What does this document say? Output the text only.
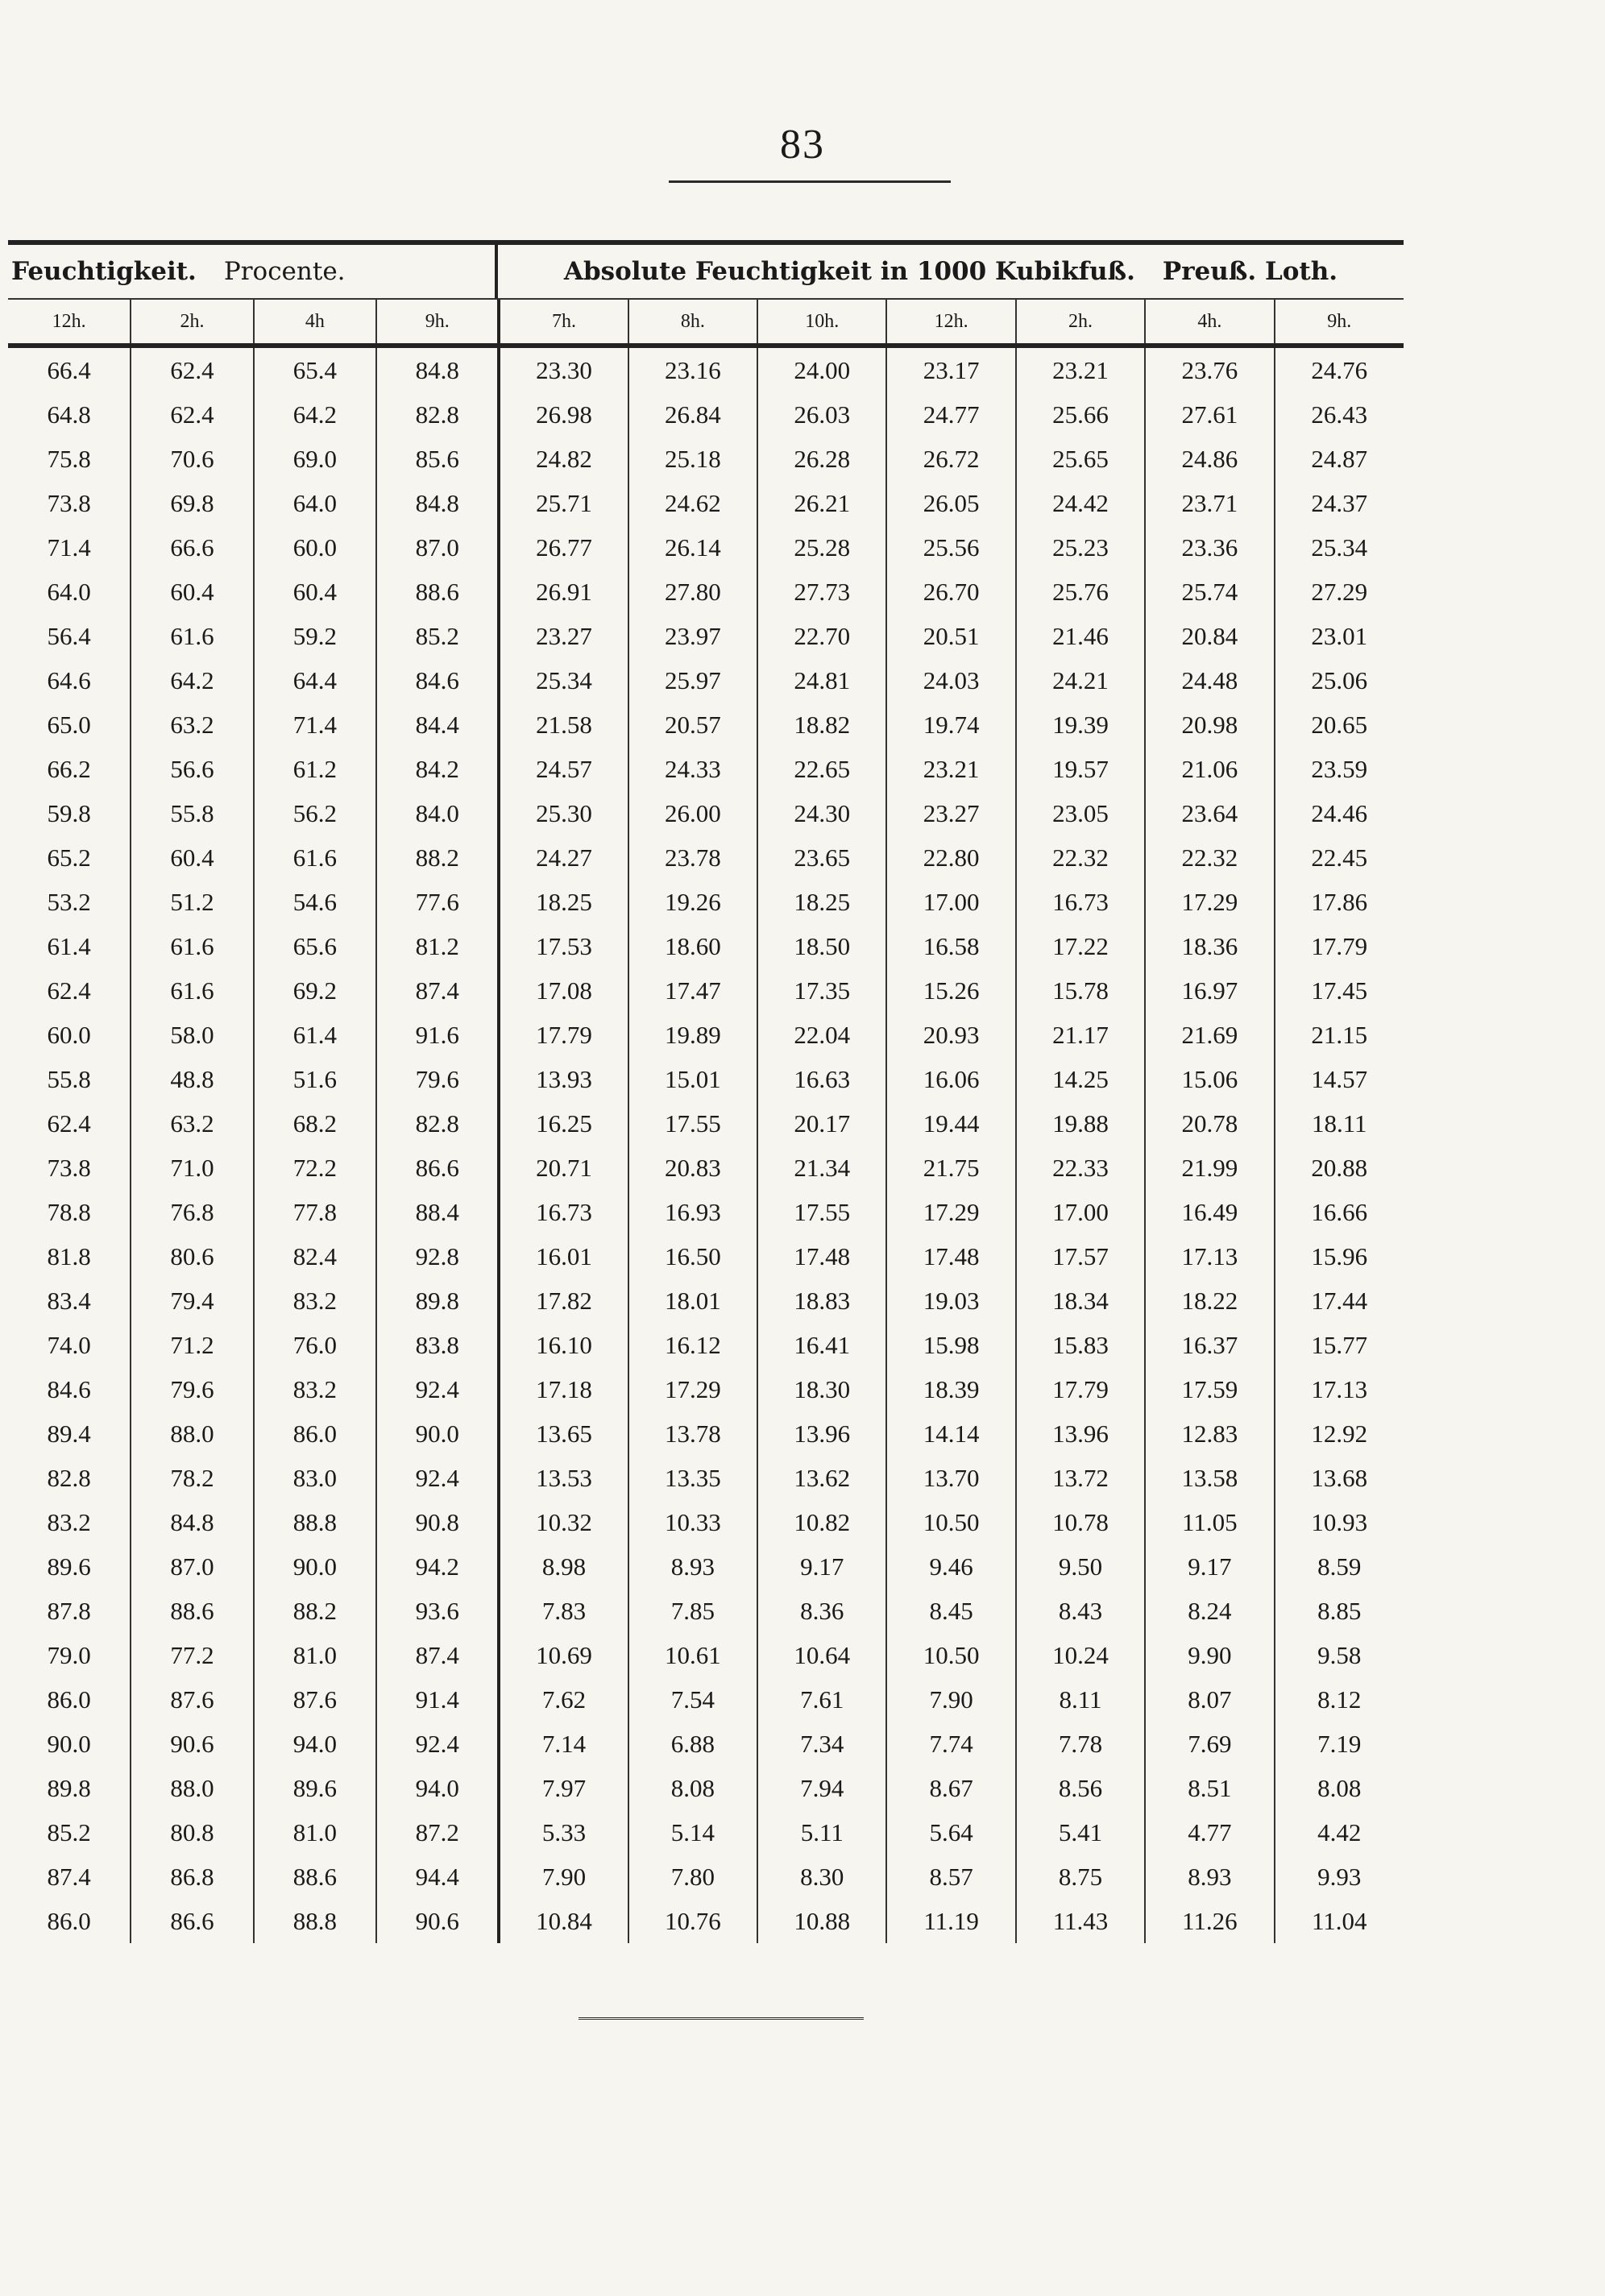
83
Feuchtigkeit. Procente.	Absolute Feuchtigkeit in 1000 Kubikfuß. Preuß. Loth.
12h.	2h.	4h	9h.	7h.	8h.	10h.	12h.	2h.	4h.	9h.
66.4	62.4	65.4	84.8	23.30	23.16	24.00	23.17	23.21	23.76	24.76
64.8	62.4	64.2	82.8	26.98	26.84	26.03	24.77	25.66	27.61	26.43
75.8	70.6	69.0	85.6	24.82	25.18	26.28	26.72	25.65	24.86	24.87
73.8	69.8	64.0	84.8	25.71	24.62	26.21	26.05	24.42	23.71	24.37
71.4	66.6	60.0	87.0	26.77	26.14	25.28	25.56	25.23	23.36	25.34
64.0	60.4	60.4	88.6	26.91	27.80	27.73	26.70	25.76	25.74	27.29
56.4	61.6	59.2	85.2	23.27	23.97	22.70	20.51	21.46	20.84	23.01
64.6	64.2	64.4	84.6	25.34	25.97	24.81	24.03	24.21	24.48	25.06
65.0	63.2	71.4	84.4	21.58	20.57	18.82	19.74	19.39	20.98	20.65
66.2	56.6	61.2	84.2	24.57	24.33	22.65	23.21	19.57	21.06	23.59
59.8	55.8	56.2	84.0	25.30	26.00	24.30	23.27	23.05	23.64	24.46
65.2	60.4	61.6	88.2	24.27	23.78	23.65	22.80	22.32	22.32	22.45
53.2	51.2	54.6	77.6	18.25	19.26	18.25	17.00	16.73	17.29	17.86
61.4	61.6	65.6	81.2	17.53	18.60	18.50	16.58	17.22	18.36	17.79
62.4	61.6	69.2	87.4	17.08	17.47	17.35	15.26	15.78	16.97	17.45
60.0	58.0	61.4	91.6	17.79	19.89	22.04	20.93	21.17	21.69	21.15
55.8	48.8	51.6	79.6	13.93	15.01	16.63	16.06	14.25	15.06	14.57
62.4	63.2	68.2	82.8	16.25	17.55	20.17	19.44	19.88	20.78	18.11
73.8	71.0	72.2	86.6	20.71	20.83	21.34	21.75	22.33	21.99	20.88
78.8	76.8	77.8	88.4	16.73	16.93	17.55	17.29	17.00	16.49	16.66
81.8	80.6	82.4	92.8	16.01	16.50	17.48	17.48	17.57	17.13	15.96
83.4	79.4	83.2	89.8	17.82	18.01	18.83	19.03	18.34	18.22	17.44
74.0	71.2	76.0	83.8	16.10	16.12	16.41	15.98	15.83	16.37	15.77
84.6	79.6	83.2	92.4	17.18	17.29	18.30	18.39	17.79	17.59	17.13
89.4	88.0	86.0	90.0	13.65	13.78	13.96	14.14	13.96	12.83	12.92
82.8	78.2	83.0	92.4	13.53	13.35	13.62	13.70	13.72	13.58	13.68
83.2	84.8	88.8	90.8	10.32	10.33	10.82	10.50	10.78	11.05	10.93
89.6	87.0	90.0	94.2	8.98	8.93	9.17	9.46	9.50	9.17	8.59
87.8	88.6	88.2	93.6	7.83	7.85	8.36	8.45	8.43	8.24	8.85
79.0	77.2	81.0	87.4	10.69	10.61	10.64	10.50	10.24	9.90	9.58
86.0	87.6	87.6	91.4	7.62	7.54	7.61	7.90	8.11	8.07	8.12
90.0	90.6	94.0	92.4	7.14	6.88	7.34	7.74	7.78	7.69	7.19
89.8	88.0	89.6	94.0	7.97	8.08	7.94	8.67	8.56	8.51	8.08
85.2	80.8	81.0	87.2	5.33	5.14	5.11	5.64	5.41	4.77	4.42
87.4	86.8	88.6	94.4	7.90	7.80	8.30	8.57	8.75	8.93	9.93
86.0	86.6	88.8	90.6	10.84	10.76	10.88	11.19	11.43	11.26	11.04
